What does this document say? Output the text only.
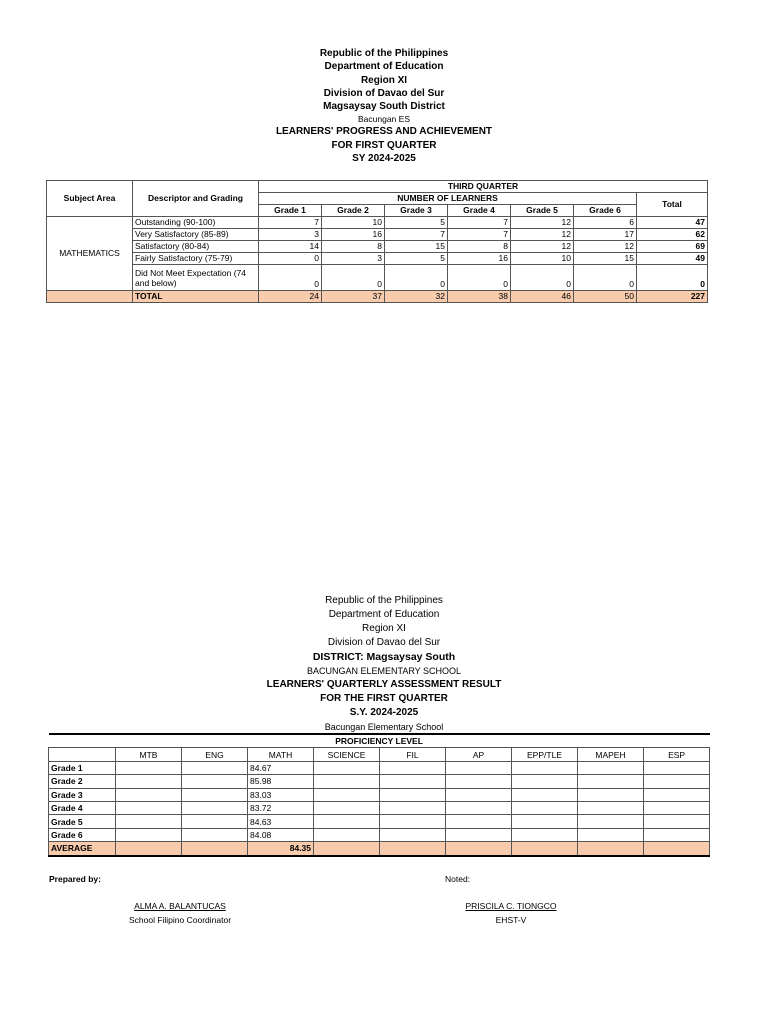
Republic of the Philippines
Department of Education
Region XI
Division of Davao del Sur
Magsaysay South District
Bacungan ES
LEARNERS' PROGRESS AND ACHIEVEMENT
FOR FIRST QUARTER
SY 2024-2025
Subject Area	Descriptor and Grading	THIRD QUARTER						
		NUMBER OF LEARNERS						Total
		Grade 1	Grade 2	Grade 3	Grade 4	Grade 5	Grade 6	
MATHEMATICS	Outstanding (90-100)	7	10	5	7	12	6	47
	Very Satisfactory (85-89)	3	16	7	7	12	17	62
	Satisfactory (80-84)	14	8	15	8	12	12	69
	Fairly Satisfactory (75-79)	0	3	5	16	10	15	49
	Did Not Meet Expectation (74 and below)	0	0	0	0	0	0	0
	TOTAL	24	37	32	38	46	50	227
Republic of the Philippines
Department of Education
Region XI
Division of Davao del Sur
DISTRICT: Magsaysay South
BACUNGAN ELEMENTARY SCHOOL
LEARNERS' QUARTERLY ASSESSMENT RESULT
FOR THE FIRST QUARTER
S.Y. 2024-2025
Bacungan Elementary School
PROFICIENCY LEVEL									
	MTB	ENG	MATH	SCIENCE	FIL	AP	EPP/TLE	MAPEH	ESP
Grade 1			84.67						
Grade 2			85.98						
Grade 3			83.03						
Grade 4			83.72						
Grade 5			84.63						
Grade 6			84.08						
AVERAGE			84.35						
Prepared by:	Noted:
ALMA A. BALANTUCAS
School Filipino Coordinator
PRISCILA C. TIONGCO
EHST-V
